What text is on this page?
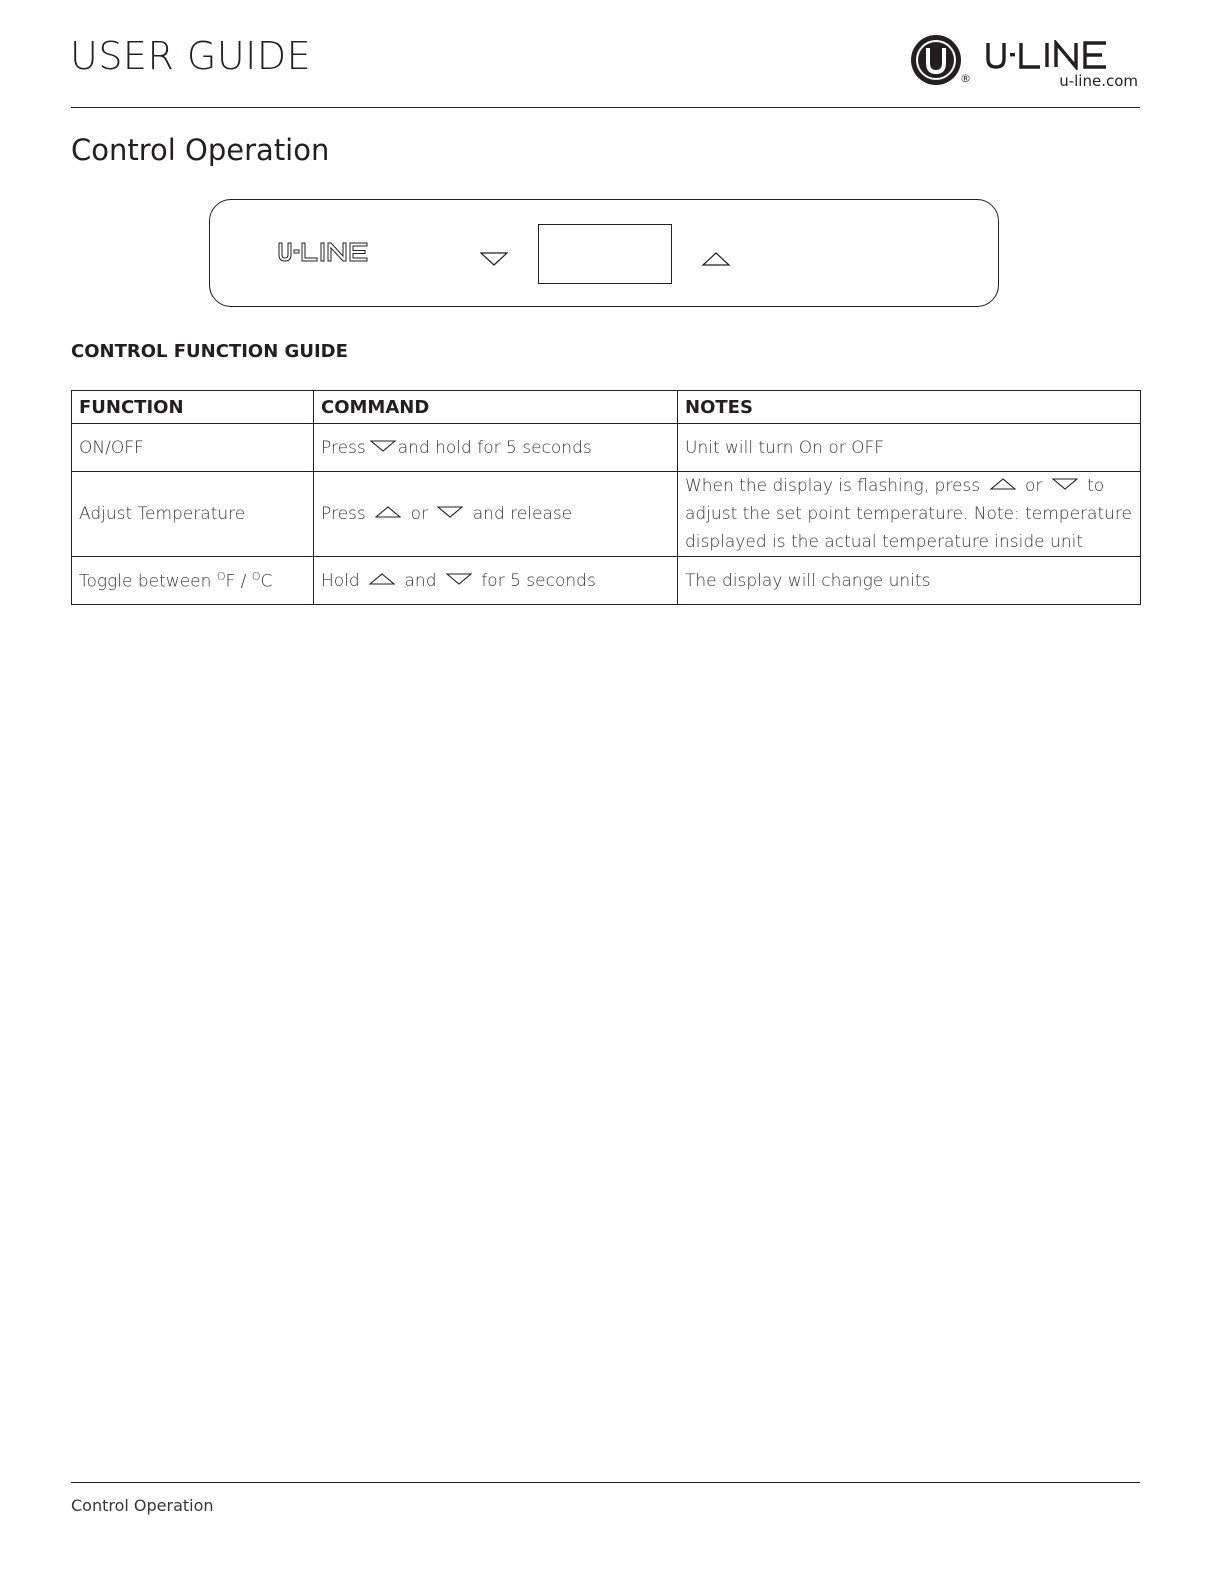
USER GUIDE
®	u-line.com
Control Operation
CONTROL FUNCTION GUIDE
FUNCTION	COMMAND	NOTES
ON/OFF	Press and hold for 5 seconds	Unit will turn On or OFF
Adjust Temperature	Press or and release	When the display is flashing, press or to adjust the set point temperature. Note: temperature displayed is the actual temperature inside unit
Toggle between $^O$F / $^O$C	Hold and for 5 seconds	The display will change units
Control Operation
